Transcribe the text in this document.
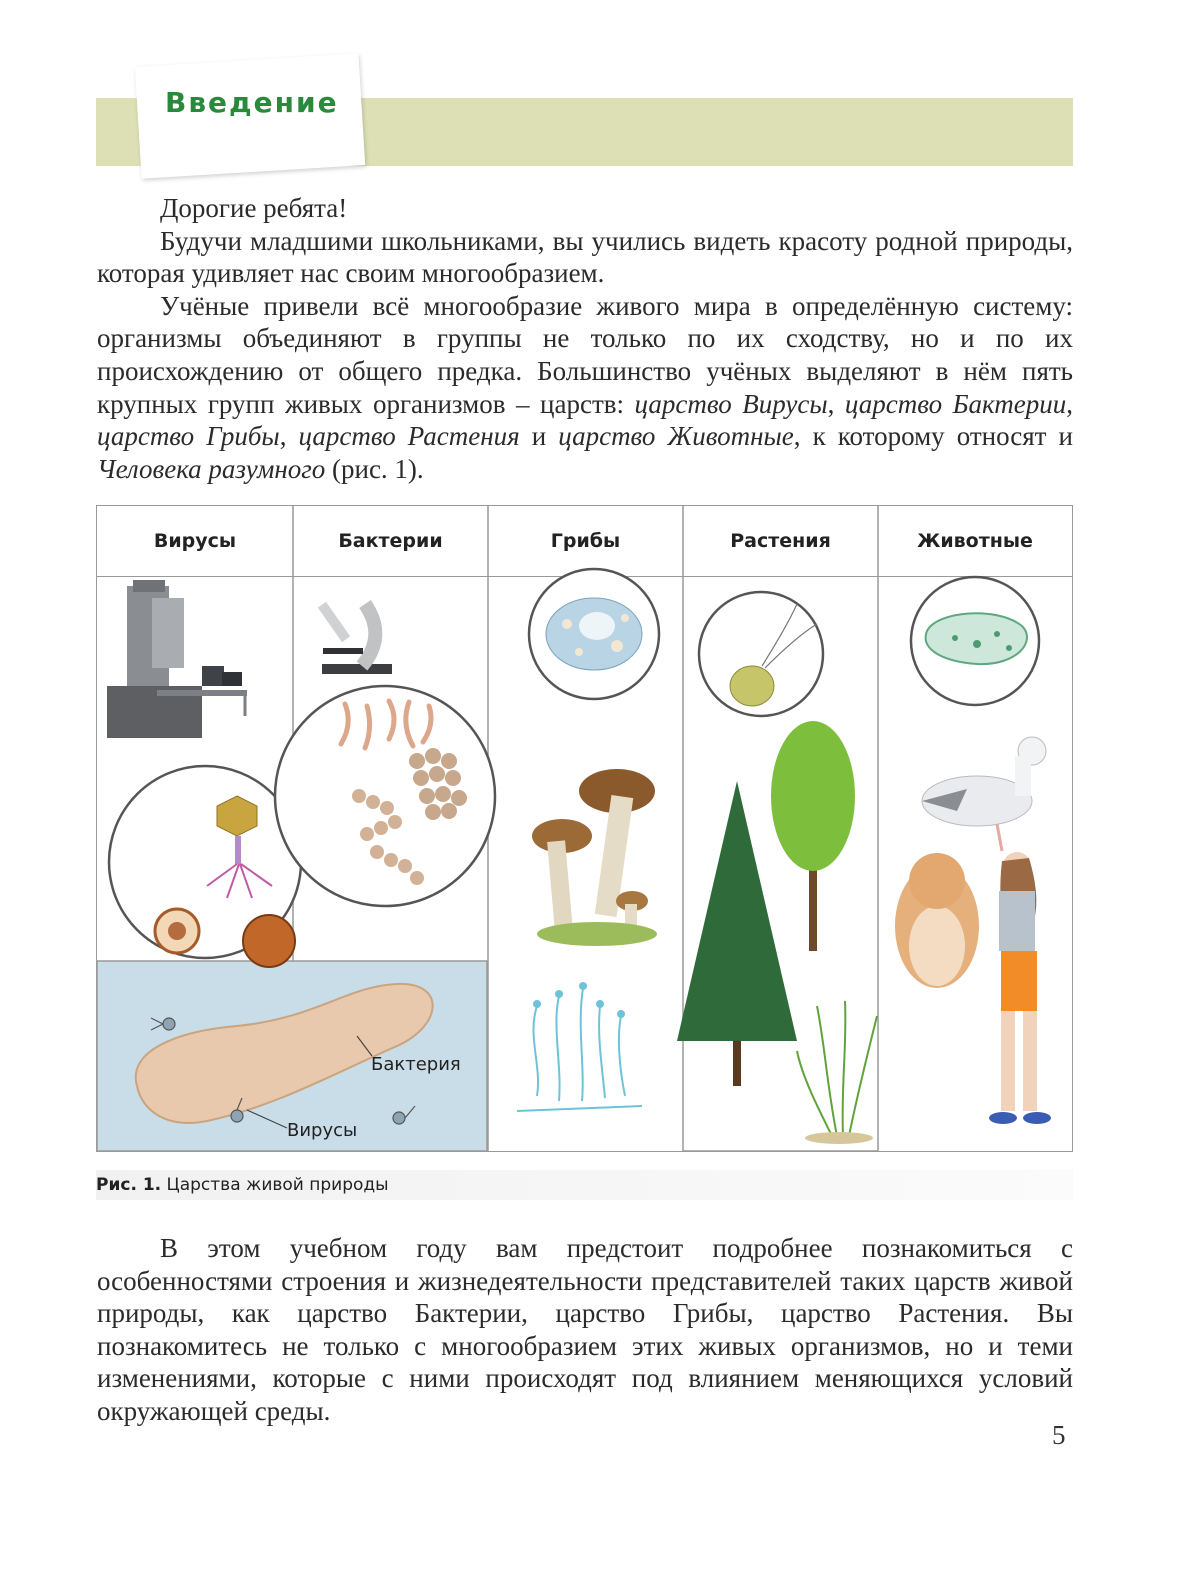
Введение

Дорогие ребята!

Будучи младшими школьниками, вы учились видеть красоту родной природы, которая удивляет нас своим многообразием.

Учёные привели всё многообразие живого мира в определённую систему: организмы объединяют в группы не только по их сходству, но и по их происхождению от общего предка. Большинство учёных выделяют в нём пять крупных групп живых организмов – царств: царство Вирусы, царство Бактерии, царство Грибы, царство Растения и царство Животные, к которому относят и Человека разумного (рис. 1).

Вирусы	Бактерии	Грибы	Растения	Животные
Бактерия
Вирусы
Рис. 1. Царства живой природы

В этом учебном году вам предстоит подробнее познакомиться с особенностями строения и жизнедеятельности представителей таких царств живой природы, как царство Бактерии, царство Грибы, царство Растения. Вы познакомитесь не только с многообразием этих живых организмов, но и теми изменениями, которые с ними происходят под влиянием меняющихся условий окружающей среды.

5
